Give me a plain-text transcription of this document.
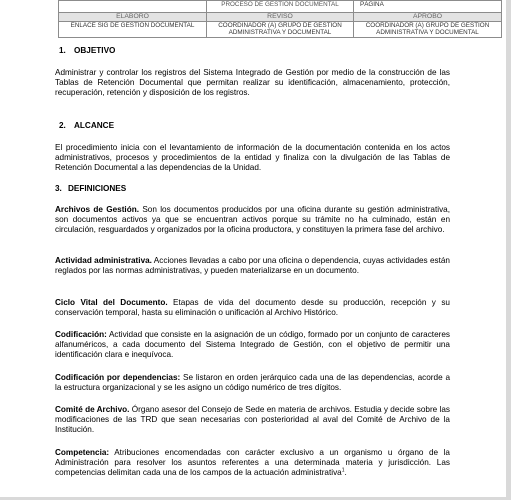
	PROCESO DE GESTIÓN DOCUMENTAL	PÁGINA
ELABORÓ	REVISÓ	APROBÓ
ENLACE SIG DE GESTIÓN DOCUMENTAL	COORDINADOR (A) GRUPO DE GESTIÓN ADMINISTRATIVA Y DOCUMENTAL	COORDINADOR (A) GRUPO DE GESTIÓN ADMINISTRATIVA Y DOCUMENTAL
1. OBJETIVO
Administrar y controlar los registros del Sistema Integrado de Gestión por medio de la construcción de las Tablas de Retención Documental que permitan realizar su identificación, almacenamiento, protección, recuperación, retención y disposición de los registros.
2. ALCANCE
El procedimiento inicia con el levantamiento de información de la documentación contenida en los actos administrativos, procesos y procedimientos de la entidad y finaliza con la divulgación de las Tablas de Retención Documental a las dependencias de la Unidad.
3. DEFINICIONES
Archivos de Gestión. Son los documentos producidos por una oficina durante su gestión administrativa, son documentos activos ya que se encuentran activos porque su trámite no ha culminado, están en circulación, resguardados y organizados por la oficina productora, y constituyen la primera fase del archivo.
Actividad administrativa. Acciones llevadas a cabo por una oficina o dependencia, cuyas actividades están reglados por las normas administrativas, y pueden materializarse en un documento.
Ciclo Vital del Documento. Etapas de vida del documento desde su producción, recepción y su conservación temporal, hasta su eliminación o unificación al Archivo Histórico.
Codificación: Actividad que consiste en la asignación de un código, formado por un conjunto de caracteres alfanuméricos, a cada documento del Sistema Integrado de Gestión, con el objetivo de permitir una identificación clara e inequívoca.
Codificación por dependencias: Se listaron en orden jerárquico cada una de las dependencias, acorde a la estructura organizacional y se les asigno un código numérico de tres dígitos.
Comité de Archivo. Órgano asesor del Consejo de Sede en materia de archivos. Estudia y decide sobre las modificaciones de las TRD que sean necesarias con posterioridad al aval del Comité de Archivo de la Institución.
Competencia: Atribuciones encomendadas con carácter exclusivo a un organismo u órgano de la Administración para resolver los asuntos referentes a una determinada materia y jurisdicción. Las competencias delimitan cada una de los campos de la actuación administrativa$^1$.
